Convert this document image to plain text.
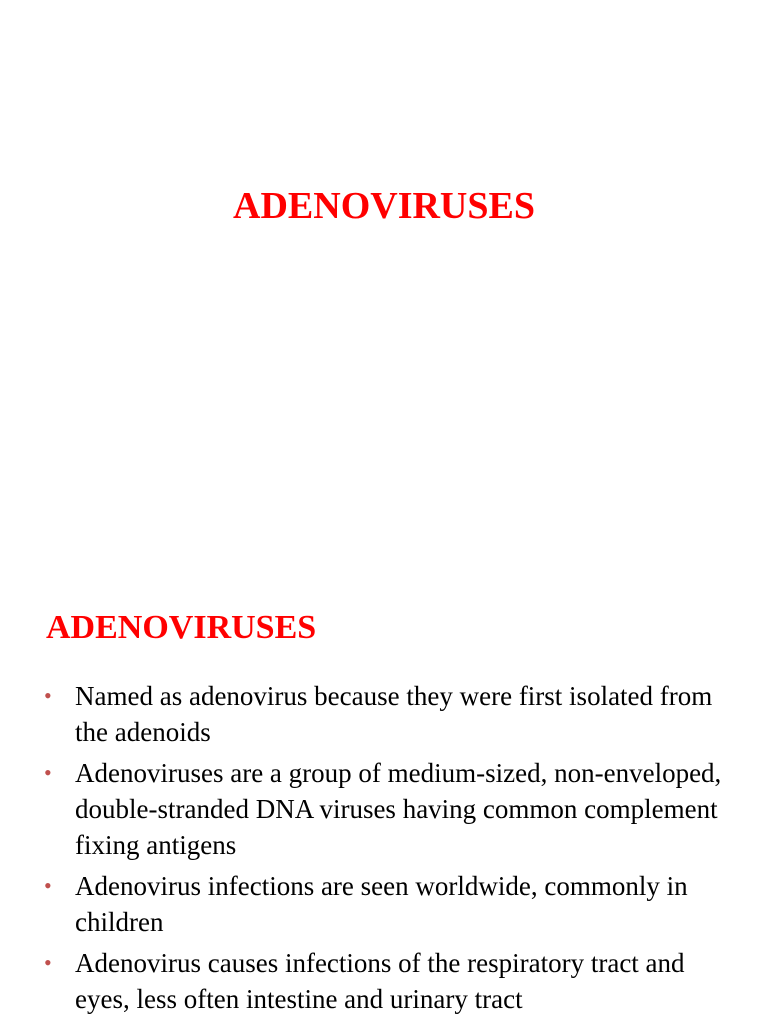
ADENOVIRUSES
ADENOVIRUSES
• Named as adenovirus because they were first isolated from the adenoids
• Adenoviruses are a group of medium-sized, non-enveloped, double-stranded DNA viruses having common complement fixing antigens
• Adenovirus infections are seen worldwide, commonly in children
• Adenovirus causes infections of the respiratory tract and eyes, less often intestine and urinary tract
